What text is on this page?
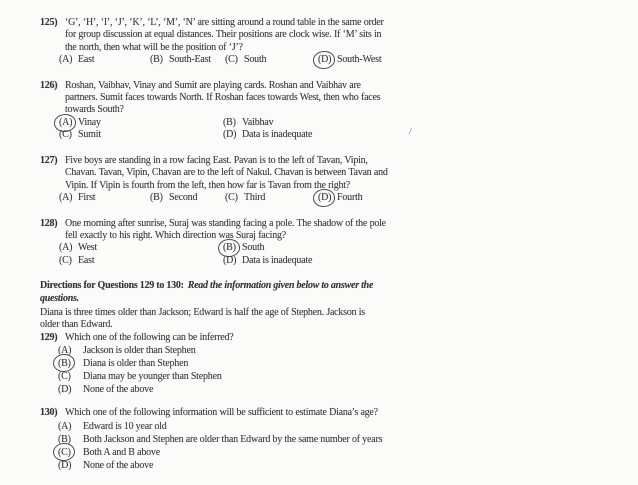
125) ‘G’, ‘H’, ‘I’, ‘J’, ‘K’, ‘L’, ‘M’, ‘N’ are sitting around a round table in the same order
for group discussion at equal distances. Their positions are clock wise. If ‘M’ sits in
the north, then what will be the position of ‘J’?
(A) East	(B) South-East (C) South	(D) South-West
126) Roshan, Vaibhav, Vinay and Sumit are playing cards. Roshan and Vaibhav are
partners. Sumit faces towards North. If Roshan faces towards West, then who faces
towards South?
(A) Vinay	(B) Vaibhav
(C) Sumit	(D) Data is inadequate
127) Five boys are standing in a row facing East. Pavan is to the left of Tavan, Vipin,
Chavan. Tavan, Vipin, Chavan are to the left of Nakul. Chavan is between Tavan and
Vipin. If Vipin is fourth from the left, then how far is Tavan from the right?
(A) First	(B) Second	(C) Third	(D) Fourth
128) One morning after sunrise, Suraj was standing facing a pole. The shadow of the pole
fell exactly to his right. Which direction was Suraj facing?
(A) West	(B) South
(C) East	(D) Data is inadequate
Directions for Questions 129 to 130: Read the information given below to answer the
questions.
Diana is three times older than Jackson; Edward is half the age of Stephen. Jackson is
older than Edward.
129) Which one of the following can be inferred?
(A) Jackson is older than Stephen
(B) Diana is older than Stephen
(C) Diana may be younger than Stephen
(D) None of the above
130) Which one of the following information will be sufficient to estimate Diana’s age?
(A) Edward is 10 year old
(B) Both Jackson and Stephen are older than Edward by the same number of years
(C) Both A and B above
(D) None of the above
/
